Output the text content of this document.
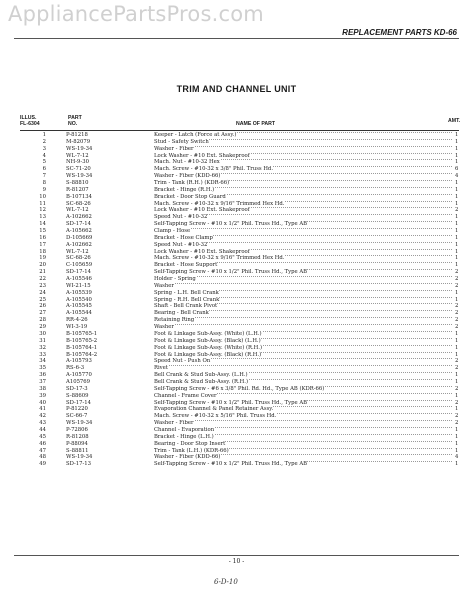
AppliancePartsPros.com
REPLACEMENT PARTS KD-66
TRIM AND CHANNEL UNIT
ILLUS.
FL-6304
PART
NO.	NAME OF PART	AMT.
1	P-81218	Keeper - Latch (Force at Assy.)	1
2	M-82079	Stud - Safety Switch	1
3	WS-19-34	Washer - Fiber	1
4	WL-7-12	Lock Washer - #10 Ext. Shakeproof	1
5	NH-9-30	Mach. Nut - #10-32 Hex	1
6	SC-71-20	Mach. Screw - #10-32 x 3/8" Phil. Truss Hd.	6
7	WS-19-34	Washer - Fiber (KDD-66)	4
8	S-88810	Trim - Tank (R.H.) (KDR-66)	1
9	R-81207	Bracket - Hinge (R.H.)	1
10	B-107134	Bracket - Door Stop Guard	1
11	SC-68-26	Mach. Screw - #10-32 x 9/16" Trimmed Hex Hd.	1
12	WL-7-12	Lock Washer - #10 Ext. Shakeproof	2
13	A-102662	Speed Nut - #10-32	1
14	SD-17-14	Self-Tapping Screw - #10 x 1/2" Phil. Truss Hd., Type AB	1
15	A-105662	Clamp - Hose	1
16	D-105669	Bracket - Hose Clamp	1
17	A-102662	Speed Nut - #10-32	1
18	WL-7-12	Lock Washer - #10 Ext. Shakeproof	1
19	SC-68-26	Mach. Screw - #10-32 x 9/16" Trimmed Hex Hd.	1
20	C-105659	Bracket - Hose Support	1
21	SD-17-14	Self-Tapping Screw - #10 x 1/2" Phil. Truss Hd., Type AB	2
22	A-105546	Holder - Spring	2
23	WI-21-15	Washer	2
24	A-105539	Spring - L.H. Bell Crank	1
25	A-105540	Spring - R.H. Bell Crank	1
26	A-105545	Shaft - Bell Crank Pivot	2
27	A-105544	Bearing - Bell Crank	2
28	RR-4-26	Retaining Ring	2
29	WI-3-19	Washer	2
30	B-105765-1	Foot & Linkage Sub-Assy. (White) (L.H.)	1
31	B-105765-2	Foot & Linkage Sub-Assy. (Black) (L.H.)	1
32	B-105764-1	Foot & Linkage Sub-Assy. (White) (R.H.)	1
33	B-105764-2	Foot & Linkage Sub-Assy. (Black) (R.H.)	1
34	A-105793	Speed Nut - Push On	2
35	RS-6-3	Rivet	2
36	A-105770	Bell Crank & Stud Sub-Assy. (L.H.)	1
37	A105769	Bell Crank & Stud Sub-Assy. (R.H.)	1
38	SD-17-3	Self-Tapping Screw - #6 x 3/8" Phil. Rd. Hd., Type AB (KDR-66)	2
39	S-88609	Channel - Frame Cover	1
40	SD-17-14	Self-Tapping Screw - #10 x 1/2" Phil. Truss Hd., Type AB	2
41	P-81220	Evaporation Channel & Panel Retainer Assy.	1
42	SC-66-7	Mach. Screw - #10-32 x 5/16" Phil. Truss Hd.	2
43	WS-19-34	Washer - Fiber	2
44	P-72806	Channel - Evaporation	1
45	R-81208	Bracket - Hinge (L.H.)	1
46	P-88094	Bearing - Door Stop Insert	1
47	S-88811	Trim - Tank (L.H.) (KDR-66)	1
48	WS-19-34	Washer - Fiber (KDD-66)	4
49	SD-17-13	Self-Tapping Screw - #10 x 1/2" Phil. Truss Hd., Type AB	1
- 10 -
6-D-10
